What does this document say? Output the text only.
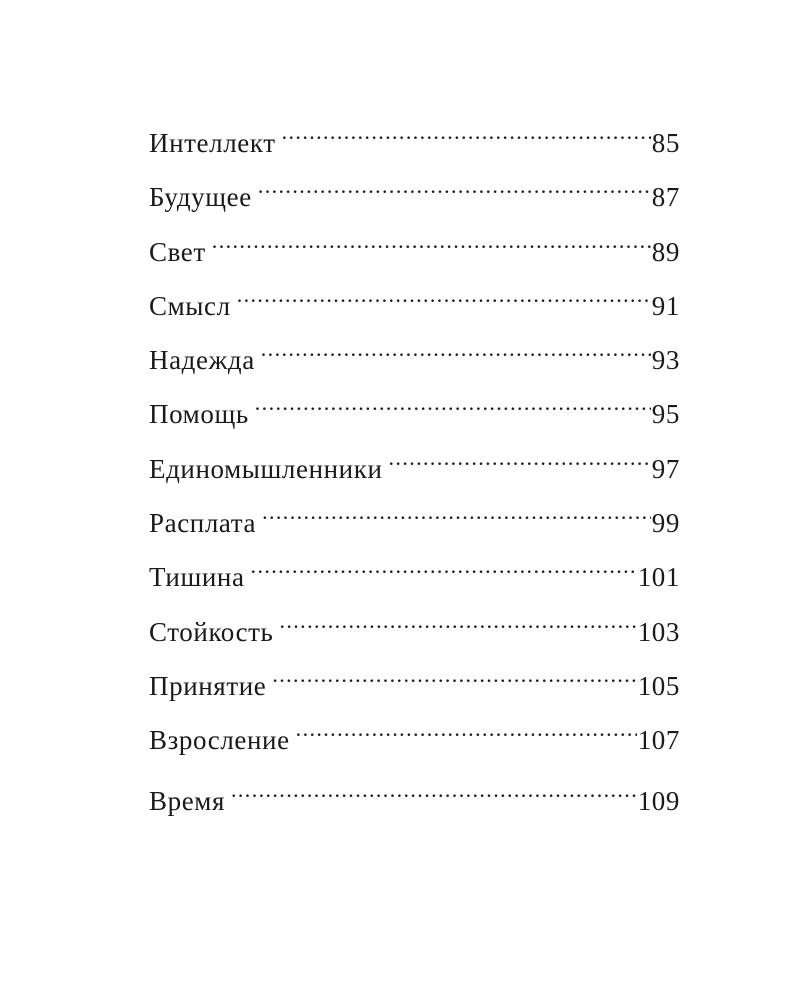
Интеллект .....	85
Будущее .....	87
Свет .....	89
Смысл .....	91
Надежда .....	93
Помощь .....	95
Единомышленники .....	97
Расплата .....	99
Тишина .....	101
Стойкость .....	103
Принятие .....	105
Взросление .....	107
Время .....	109
